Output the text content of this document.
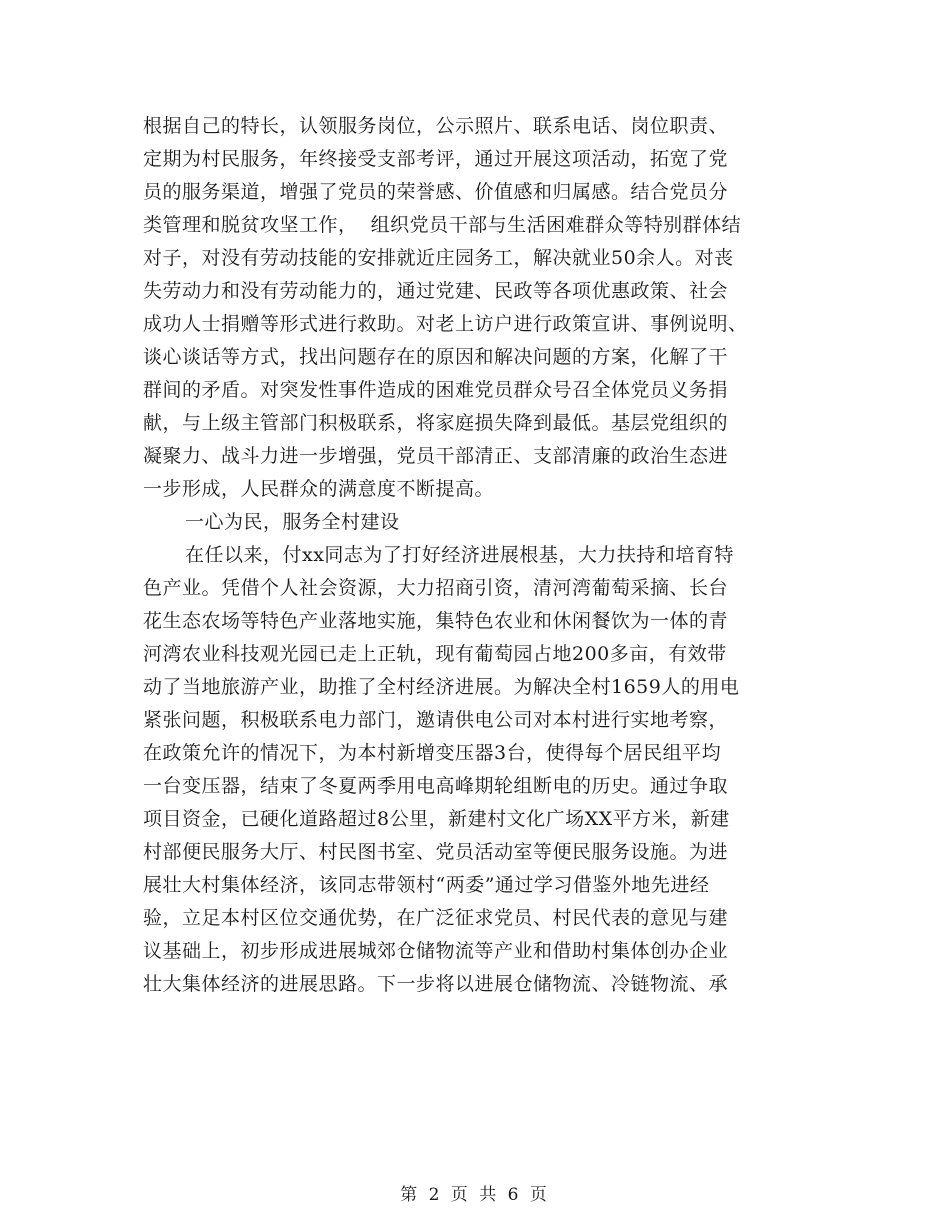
根据自己的特长，认领服务岗位，公示照片、联系电话、岗位职责、
定期为村民服务，年终接受支部考评，通过开展这项活动，拓宽了党
员的服务渠道，增强了党员的荣誉感、价值感和归属感。结合党员分
类管理和脱贫攻坚工作，  组织党员干部与生活困难群众等特别群体结
对子，对没有劳动技能的安排就近庄园务工，解决就业50余人。对丧
失劳动力和没有劳动能力的，通过党建、民政等各项优惠政策、社会
成功人士捐赠等形式进行救助。对老上访户进行政策宣讲、事例说明、
谈心谈话等方式，找出问题存在的原因和解决问题的方案，化解了干
群间的矛盾。对突发性事件造成的困难党员群众号召全体党员义务捐
献，与上级主管部门积极联系，将家庭损失降到最低。基层党组织的
凝聚力、战斗力进一步增强，党员干部清正、支部清廉的政治生态进
一步形成，人民群众的满意度不断提高。
一心为民，服务全村建设
在任以来，付xx同志为了打好经济进展根基，大力扶持和培育特
色产业。凭借个人社会资源，大力招商引资，清河湾葡萄采摘、长台
花生态农场等特色产业落地实施，集特色农业和休闲餐饮为一体的青
河湾农业科技观光园已走上正轨，现有葡萄园占地200多亩，有效带
动了当地旅游产业，助推了全村经济进展。为解决全村1659人的用电
紧张问题，积极联系电力部门，邀请供电公司对本村进行实地考察，
在政策允许的情况下，为本村新增变压器3台，使得每个居民组平均
一台变压器，结束了冬夏两季用电高峰期轮组断电的历史。通过争取
项目资金，已硬化道路超过8公里，新建村文化广场XX平方米，新建
村部便民服务大厅、村民图书室、党员活动室等便民服务设施。为进
展壮大村集体经济，该同志带领村“两委”通过学习借鉴外地先进经
验，立足本村区位交通优势，在广泛征求党员、村民代表的意见与建
议基础上，初步形成进展城郊仓储物流等产业和借助村集体创办企业
壮大集体经济的进展思路。下一步将以进展仓储物流、冷链物流、承
第 2 页 共 6 页
